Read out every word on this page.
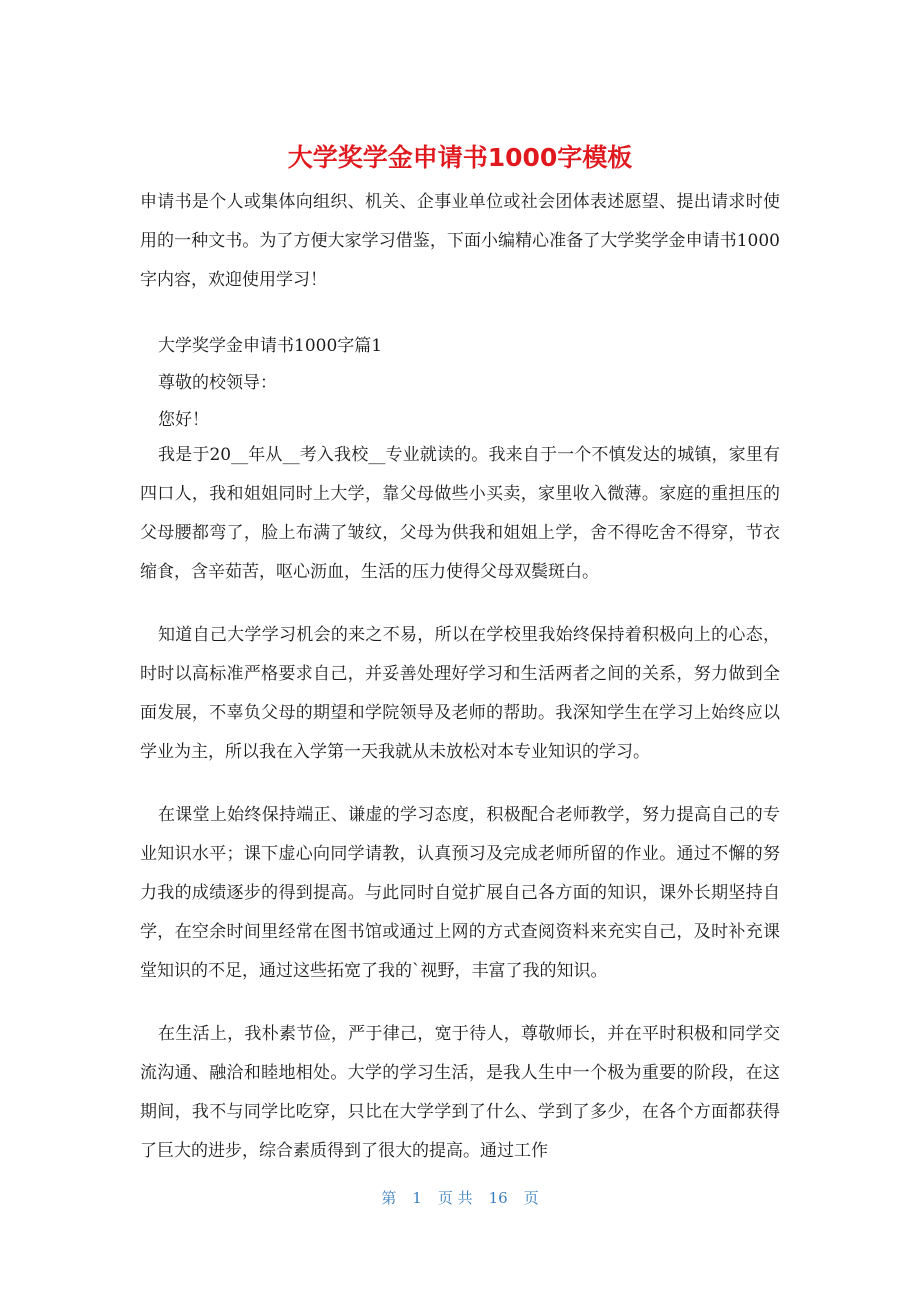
大学奖学金申请书1000字模板

申请书是个人或集体向组织、机关、企事业单位或社会团体表述愿望、提出请求时使用的一种文书。为了方便大家学习借鉴，下面小编精心准备了大学奖学金申请书1000字内容，欢迎使用学习！

大学奖学金申请书1000字篇1

尊敬的校领导：

您好！

我是于20__年从__考入我校__专业就读的。我来自于一个不慎发达的城镇，家里有四口人，我和姐姐同时上大学，靠父母做些小买卖，家里收入微薄。家庭的重担压的父母腰都弯了，脸上布满了皱纹，父母为供我和姐姐上学，舍不得吃舍不得穿，节衣缩食，含辛茹苦，呕心沥血，生活的压力使得父母双鬓斑白。

知道自己大学学习机会的来之不易，所以在学校里我始终保持着积极向上的心态，时时以高标准严格要求自己，并妥善处理好学习和生活两者之间的关系，努力做到全面发展，不辜负父母的期望和学院领导及老师的帮助。我深知学生在学习上始终应以学业为主，所以我在入学第一天我就从未放松对本专业知识的学习。

在课堂上始终保持端正、谦虚的学习态度，积极配合老师教学，努力提高自己的专业知识水平；课下虚心向同学请教，认真预习及完成老师所留的作业。通过不懈的努力我的成绩逐步的得到提高。与此同时自觉扩展自己各方面的知识，课外长期坚持自学，在空余时间里经常在图书馆或通过上网的方式查阅资料来充实自己，及时补充课堂知识的不足，通过这些拓宽了我的`视野，丰富了我的知识。

在生活上，我朴素节俭，严于律己，宽于待人，尊敬师长，并在平时积极和同学交流沟通、融洽和睦地相处。大学的学习生活，是我人生中一个极为重要的阶段，在这期间，我不与同学比吃穿，只比在大学学到了什么、学到了多少，在各个方面都获得了巨大的进步，综合素质得到了很大的提高。通过工作

第 1 页 共 16 页
